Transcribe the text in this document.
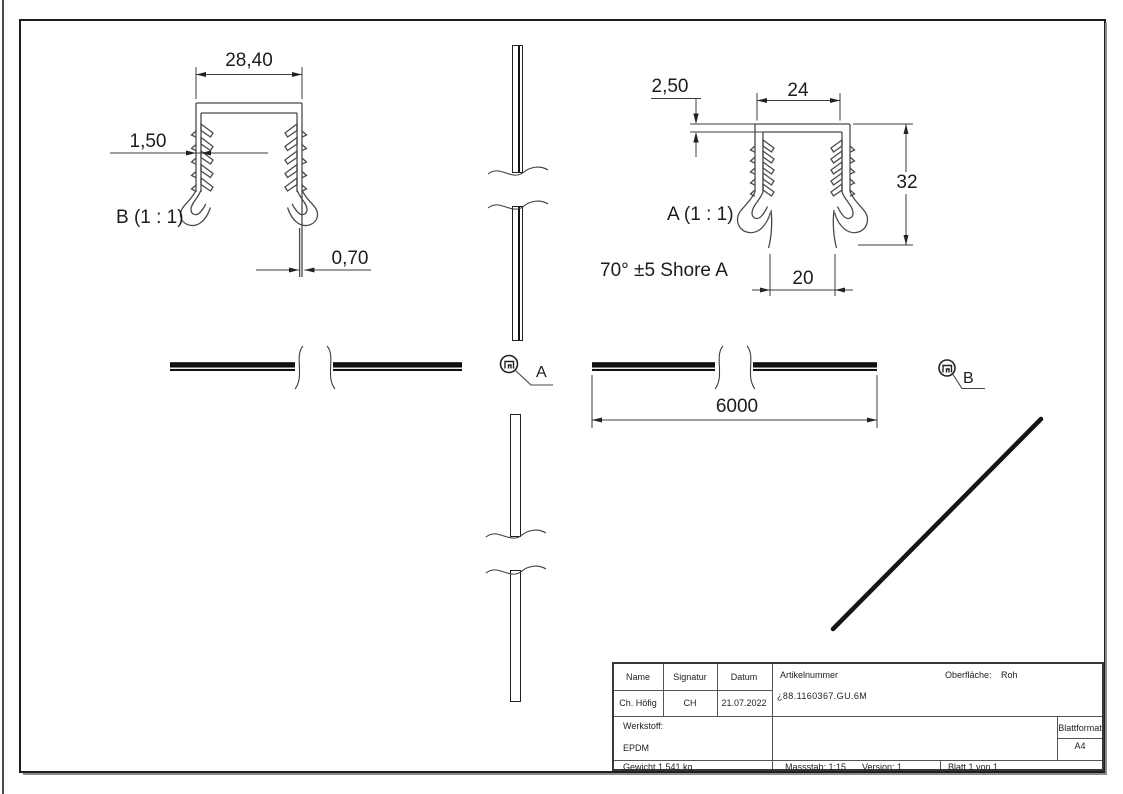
28,40
1,50
0,70
B (1 : 1)
2,50	24
32
20
A (1 : 1)
70° ±5 Shore A
6000
A	B
Name	Signatur	Datum	Artikelnummer	Oberfläche: Roh
Ch. Höfig	CH	21.07.2022
¿88.1160367.GU.6M
Werkstoff:
EPDM
Blattformat
A4
Gewicht 1.541 kg	Massstab: 1:15 Version: 1	Blatt 1 von 1
